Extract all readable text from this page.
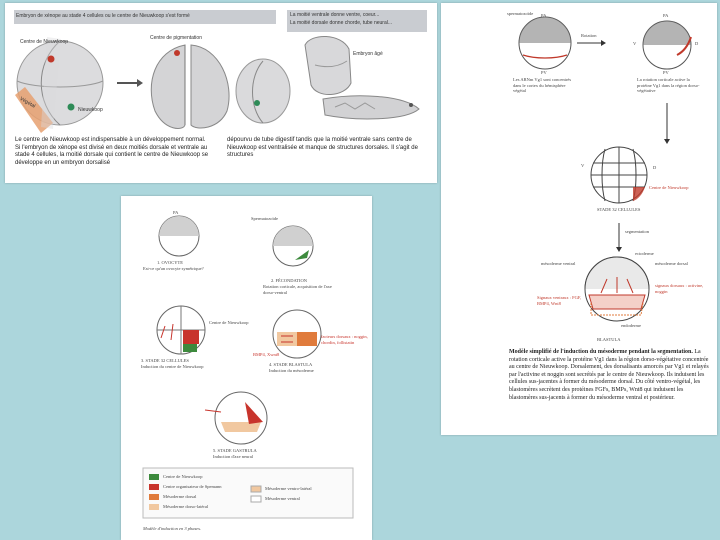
Embryon de xénope au stade 4 cellules ou le centre de Nieuwkoop s'est formé	La moitié ventrale donne ventre, coeur...
La moitié dorsale donne chorde, tube neural...
Centre de pigmentation
Centre de Nieuwkoop
Nieuwkoop
Végétal
Embryon âgé
Le centre de Nieuwkoop est indispensable à un développement normal. Si l'embryon de xénope est divisé en deux moitiés dorsale et ventrale au stade 4 cellules, la moitié dorsale qui contient le centre de Nieuwkoop se développe en un embryon dorsalisé
dépourvu de tube digestif tandis que la moitié ventrale sans centre de Nieuwkoop est ventralisée et manque de structures dorsales. Il s'agit de structures
spermatozoïde	PA	PA
Rotation
V	D
PV	PV
Les ARNm Vg1 sont concentrés dans le cortex du hémisphère végétal
La rotation corticale active la protéine Vg1 dans la région dorso-végétative
V	D
Centre de Nieuwkoop
STADE 32 CELLULES
segmentation
ectoderme
mésoderme ventral	mésoderme dorsal
signaux dorsaux : activine, noggin
Signaux ventraux : FGF, BMP4, Wnt8
endoderme
BLASTULA
Modèle simplifié de l'induction du mésoderme pendant la segmentation. La rotation corticale active la protéine Vg1 dans la région dorso-végétative concentrée au centre de Nieuwkoop. Dorsalement, des dorsalisants amorcés par Vg1 et relayés par l'activine et noggin sont secrétés par le centre de Nieuwkoop. Ils induisent les cellules sus-jacentes à former du mésoderme dorsal. Du côté ventro-végétal, les blastomères secrètent des protéines FGFs, BMPs, Wnt8 qui induisent les blastomères sus-jacents à former du mésoderme ventral et postérieur.
PA
1. OVOCYTE
Est-ce qu'un ovocyte symétrique?
Spermatozoïde
2. FÉCONDATION
Rotation corticale, acquisition de l'axe dorso-ventral
Centre de Nieuwkoop
3. STADE 32 CELLULES
Induction du centre de Nieuwkoop
facteurs dorsaux : noggin, chordin, follistatin
BMP4, Xwnt8
4. STADE BLASTULA
Induction du mésoderme
5. STADE GASTRULA
Induction d'axe neural
Centre de Nieuwkoop
Centre organisateur de Spemann
Mésoderme dorsal
Mésoderme dorso-latéral
Mésoderme ventro-latéral
Mésoderme ventral
Modèle d'induction en 3 phases.
